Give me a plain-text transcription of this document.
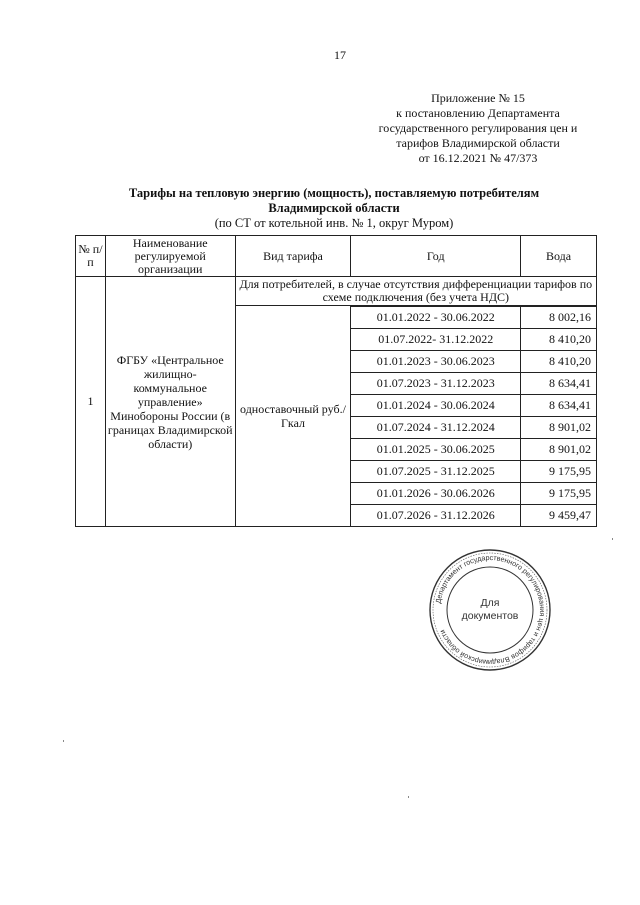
17
Приложение № 15
к постановлению Департамента
государственного регулирования цен и
тарифов Владимирской области
от 16.12.2021 № 47/373
Тарифы на тепловую энергию (мощность), поставляемую потребителям
Владимирской области
(по СТ от котельной инв. № 1, округ Муром)
№ п/п	Наименование регулируемой организации	Вид тарифа	Год	Вода
1	ФГБУ «Центральное жилищно-коммунальное управление» Минобороны России (в границах Владимирской области)	Для потребителей, в случае отсутствия дифференциации тарифов по схеме подключения (без учета НДС)		
		одноставочный руб./Гкал		
			01.01.2022 - 30.06.2022	8 002,16
			01.07.2022- 31.12.2022	8 410,20
			01.01.2023 - 30.06.2023	8 410,20
			01.07.2023 - 31.12.2023	8 634,41
			01.01.2024 - 30.06.2024	8 634,41
			01.07.2024 - 31.12.2024	8 901,02
			01.01.2025 - 30.06.2025	8 901,02
			01.07.2025 - 31.12.2025	9 175,95
			01.01.2026 - 30.06.2026	9 175,95
			01.07.2026 - 31.12.2026	9 459,47
Департамент государственного регулирования цен и тарифов Владимирской области
Для
документов
